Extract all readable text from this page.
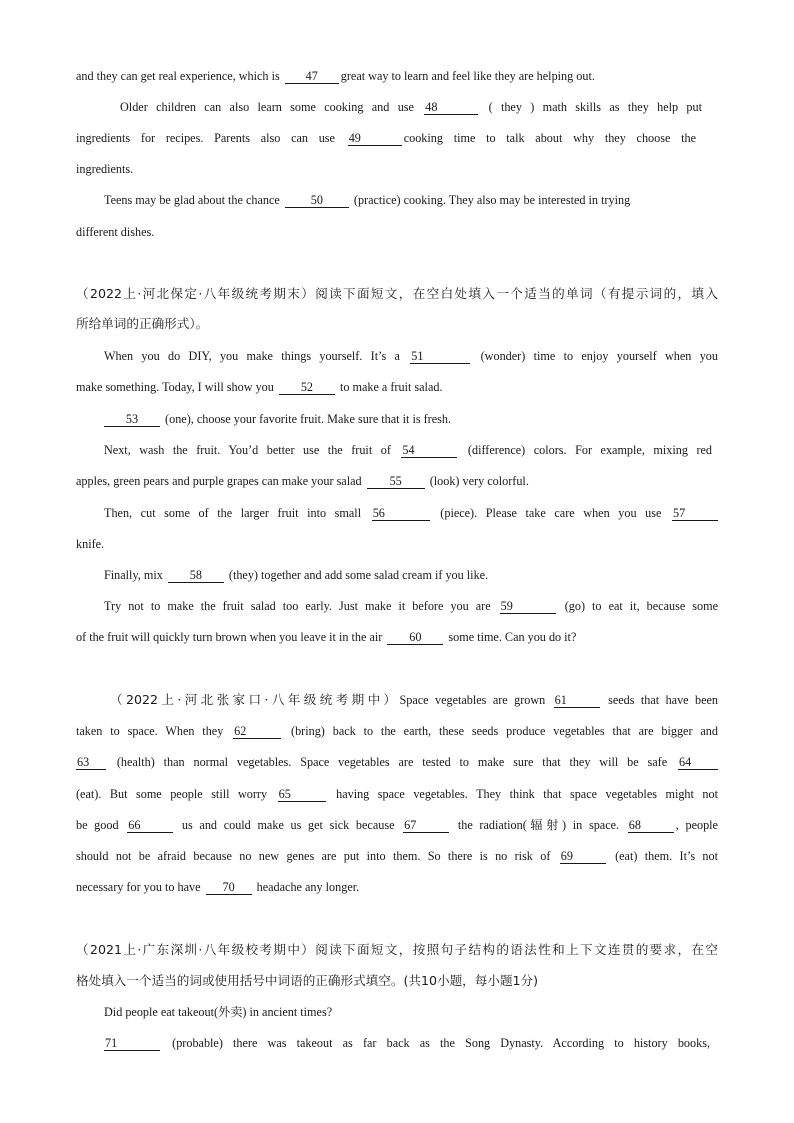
and they can get real experience, which is 47 great way to learn and feel like they are helping out.
Older children can also learn some cooking and use 48	( they ) math skills as they help put
ingredients for recipes. Parents also can use 49	cooking time to talk about why they choose the
ingredients.
Teens may be glad about the chance 50 (practice) cooking. They also may be interested in trying
different dishes.
（2022上·河北保定·八年级统考期末）阅读下面短文，在空白处填入一个适当的单词（有提示词的，填入
所给单词的正确形式）。
When you do DIY, you make things yourself. It’s a 51	(wonder) time to enjoy yourself when you
make something. Today, I will show you 52 to make a fruit salad.
53 (one), choose your favorite fruit. Make sure that it is fresh.
Next, wash the fruit. You’d better use the fruit of 54	(difference) colors. For example, mixing red
apples, green pears and purple grapes can make your salad 55 (look) very colorful.
Then, cut some of the larger fruit into small 56	(piece). Please take care when you use 57
knife.
Finally, mix 58 (they) together and add some salad cream if you like.
Try not to make the fruit salad too early. Just make it before you are 59	(go) to eat it, because some
of the fruit will quickly turn brown when you leave it in the air 60 some time. Can you do it?
（2022上·河北张家口·八年级统考期中）Space vegetables are grown 61	seeds that have been
taken to space. When they 62	(bring) back to the earth, these seeds produce vegetables that are bigger and
63 (health) than normal vegetables. Space vegetables are tested to make sure that they will be safe 64
(eat). But some people still worry 65	having space vegetables. They think that space vegetables might not
be good 66	us and could make us get sick because 67	the radiation(辐射) in space. 68	, people
should not be afraid because no new genes are put into them. So there is no risk of 69	(eat) them. It’s not
necessary for you to have 70 headache any longer.
（2021上·广东深圳·八年级校考期中）阅读下面短文，按照句子结构的语法性和上下文连贯的要求，在空
格处填入一个适当的词或使用括号中词语的正确形式填空。(共10小题，每小题1分)
Did people eat takeout(外卖) in ancient times?
71	(probable) there was takeout as far back as the Song Dynasty. According to history books,
